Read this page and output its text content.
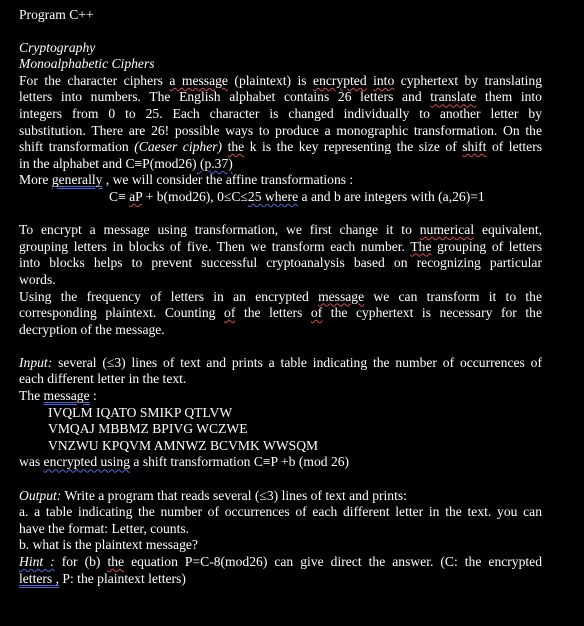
Program C++
Cryptography
Monoalphabetic Ciphers
For the character ciphers a message (plaintext) is encrypted into cyphertext by translating
letters into numbers. The English alphabet contains 26 letters and translate them into
integers from 0 to 25. Each character is changed individually to another letter by
substitution. There are 26! possible ways to produce a monographic transformation. On the
shift transformation (Caeser cipher) the k is the key representing the size of shift of letters
in the alphabet and C≡P(mod26) (p.37)
More generally , we will consider the affine transformations :
C≡ aP + b(mod26), 0≤C≤25 where a and b are integers with (a,26)=1
To encrypt a message using transformation, we first change it to numerical equivalent,
grouping letters in blocks of five. Then we transform each number. The grouping of letters
into blocks helps to prevent successful cryptoanalysis based on recognizing particular
words.
Using the frequency of letters in an encrypted message we can transform it to the
corresponding plaintext. Counting of the letters of the cyphertext is necessary for the
decryption of the message.
Input: several (≤3) lines of text and prints a table indicating the number of occurrences of
each different letter in the text.
The message :
IVQLM IQATO SMIKP QTLVW
VMQAJ MBBMZ BPIVG WCZWE
VNZWU KPQVM AMNWZ BCVMK WWSQM
was encrypted using a shift transformation C≡P +b (mod 26)
Output: Write a program that reads several (≤3) lines of text and prints:
a. a table indicating the number of occurrences of each different letter in the text. you can
have the format: Letter, counts.
b. what is the plaintext message?
Hint : for (b) the equation P=C-8(mod26) can give direct the answer. (C: the encrypted
letters , P: the plaintext letters)
